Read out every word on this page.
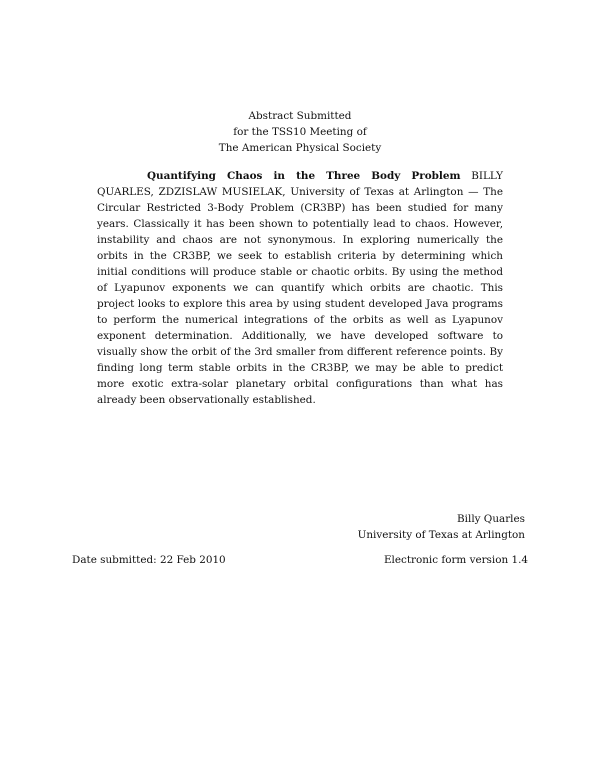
Abstract Submitted
for the TSS10 Meeting of
The American Physical Society
Quantifying Chaos in the Three Body Problem BILLY QUARLES, ZDZISLAW MUSIELAK, University of Texas at Arlington — The Circular Restricted 3-Body Problem (CR3BP) has been studied for many years. Classically it has been shown to potentially lead to chaos. However, instability and chaos are not synonymous. In exploring numerically the orbits in the CR3BP, we seek to establish criteria by determining which initial conditions will produce stable or chaotic orbits. By using the method of Lyapunov exponents we can quantify which orbits are chaotic. This project looks to explore this area by using student developed Java programs to perform the numerical integrations of the orbits as well as Lyapunov exponent determination. Additionally, we have developed software to visually show the orbit of the 3rd smaller from different reference points. By finding long term stable orbits in the CR3BP, we may be able to predict more exotic extra-solar planetary orbital configurations than what has already been observationally established.
Billy Quarles
University of Texas at Arlington
Date submitted: 22 Feb 2010	Electronic form version 1.4
